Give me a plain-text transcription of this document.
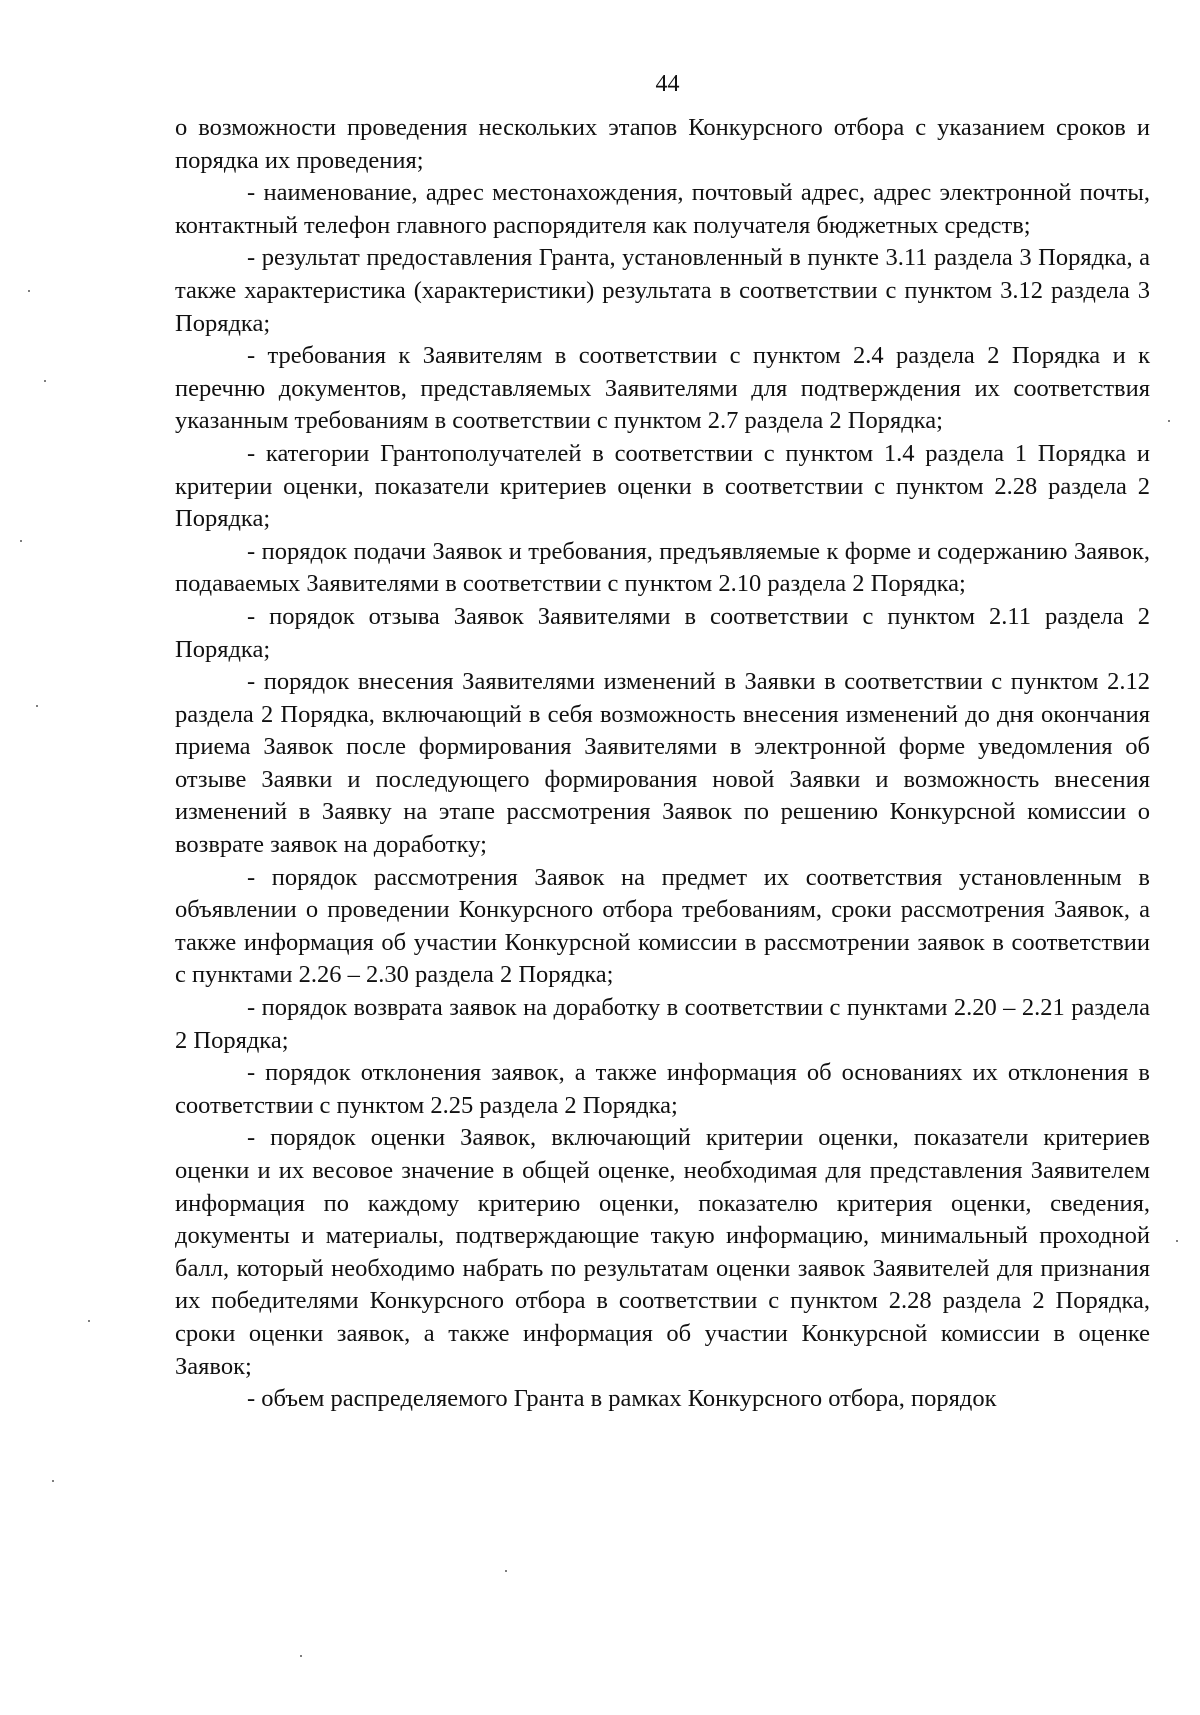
44

о возможности проведения нескольких этапов Конкурсного отбора с указанием сроков и порядка их проведения;

- наименование, адрес местонахождения, почтовый адрес, адрес электронной почты, контактный телефон главного распорядителя как получателя бюджетных средств;

- результат предоставления Гранта, установленный в пункте 3.11 раздела 3 Порядка, а также характеристика (характеристики) результата в соответствии с пунктом 3.12 раздела 3 Порядка;

- требования к Заявителям в соответствии с пунктом 2.4 раздела 2 Порядка и к перечню документов, представляемых Заявителями для подтверждения их соответствия указанным требованиям в соответствии с пунктом 2.7 раздела 2 Порядка;

- категории Грантополучателей в соответствии с пунктом 1.4 раздела 1 Порядка и критерии оценки, показатели критериев оценки в соответствии с пунктом 2.28 раздела 2 Порядка;

- порядок подачи Заявок и требования, предъявляемые к форме и содержанию Заявок, подаваемых Заявителями в соответствии с пунктом 2.10 раздела 2 Порядка;

- порядок отзыва Заявок Заявителями в соответствии с пунктом 2.11 раздела 2 Порядка;

- порядок внесения Заявителями изменений в Заявки в соответствии с пунктом 2.12 раздела 2 Порядка, включающий в себя возможность внесения изменений до дня окончания приема Заявок после формирования Заявителями в электронной форме уведомления об отзыве Заявки и последующего формирования новой Заявки и возможность внесения изменений в Заявку на этапе рассмотрения Заявок по решению Конкурсной комиссии о возврате заявок на доработку;

- порядок рассмотрения Заявок на предмет их соответствия установленным в объявлении о проведении Конкурсного отбора требованиям, сроки рассмотрения Заявок, а также информация об участии Конкурсной комиссии в рассмотрении заявок в соответствии с пунктами 2.26 – 2.30 раздела 2 Порядка;

- порядок возврата заявок на доработку в соответствии с пунктами 2.20 – 2.21 раздела 2 Порядка;

- порядок отклонения заявок, а также информация об основаниях их отклонения в соответствии с пунктом 2.25 раздела 2 Порядка;

- порядок оценки Заявок, включающий критерии оценки, показатели критериев оценки и их весовое значение в общей оценке, необходимая для представления Заявителем информация по каждому критерию оценки, показателю критерия оценки, сведения, документы и материалы, подтверждающие такую информацию, минимальный проходной балл, который необходимо набрать по результатам оценки заявок Заявителей для признания их победителями Конкурсного отбора в соответствии с пунктом 2.28 раздела 2 Порядка, сроки оценки заявок, а также информация об участии Конкурсной комиссии в оценке Заявок;

- объем распределяемого Гранта в рамках Конкурсного отбора, порядок
